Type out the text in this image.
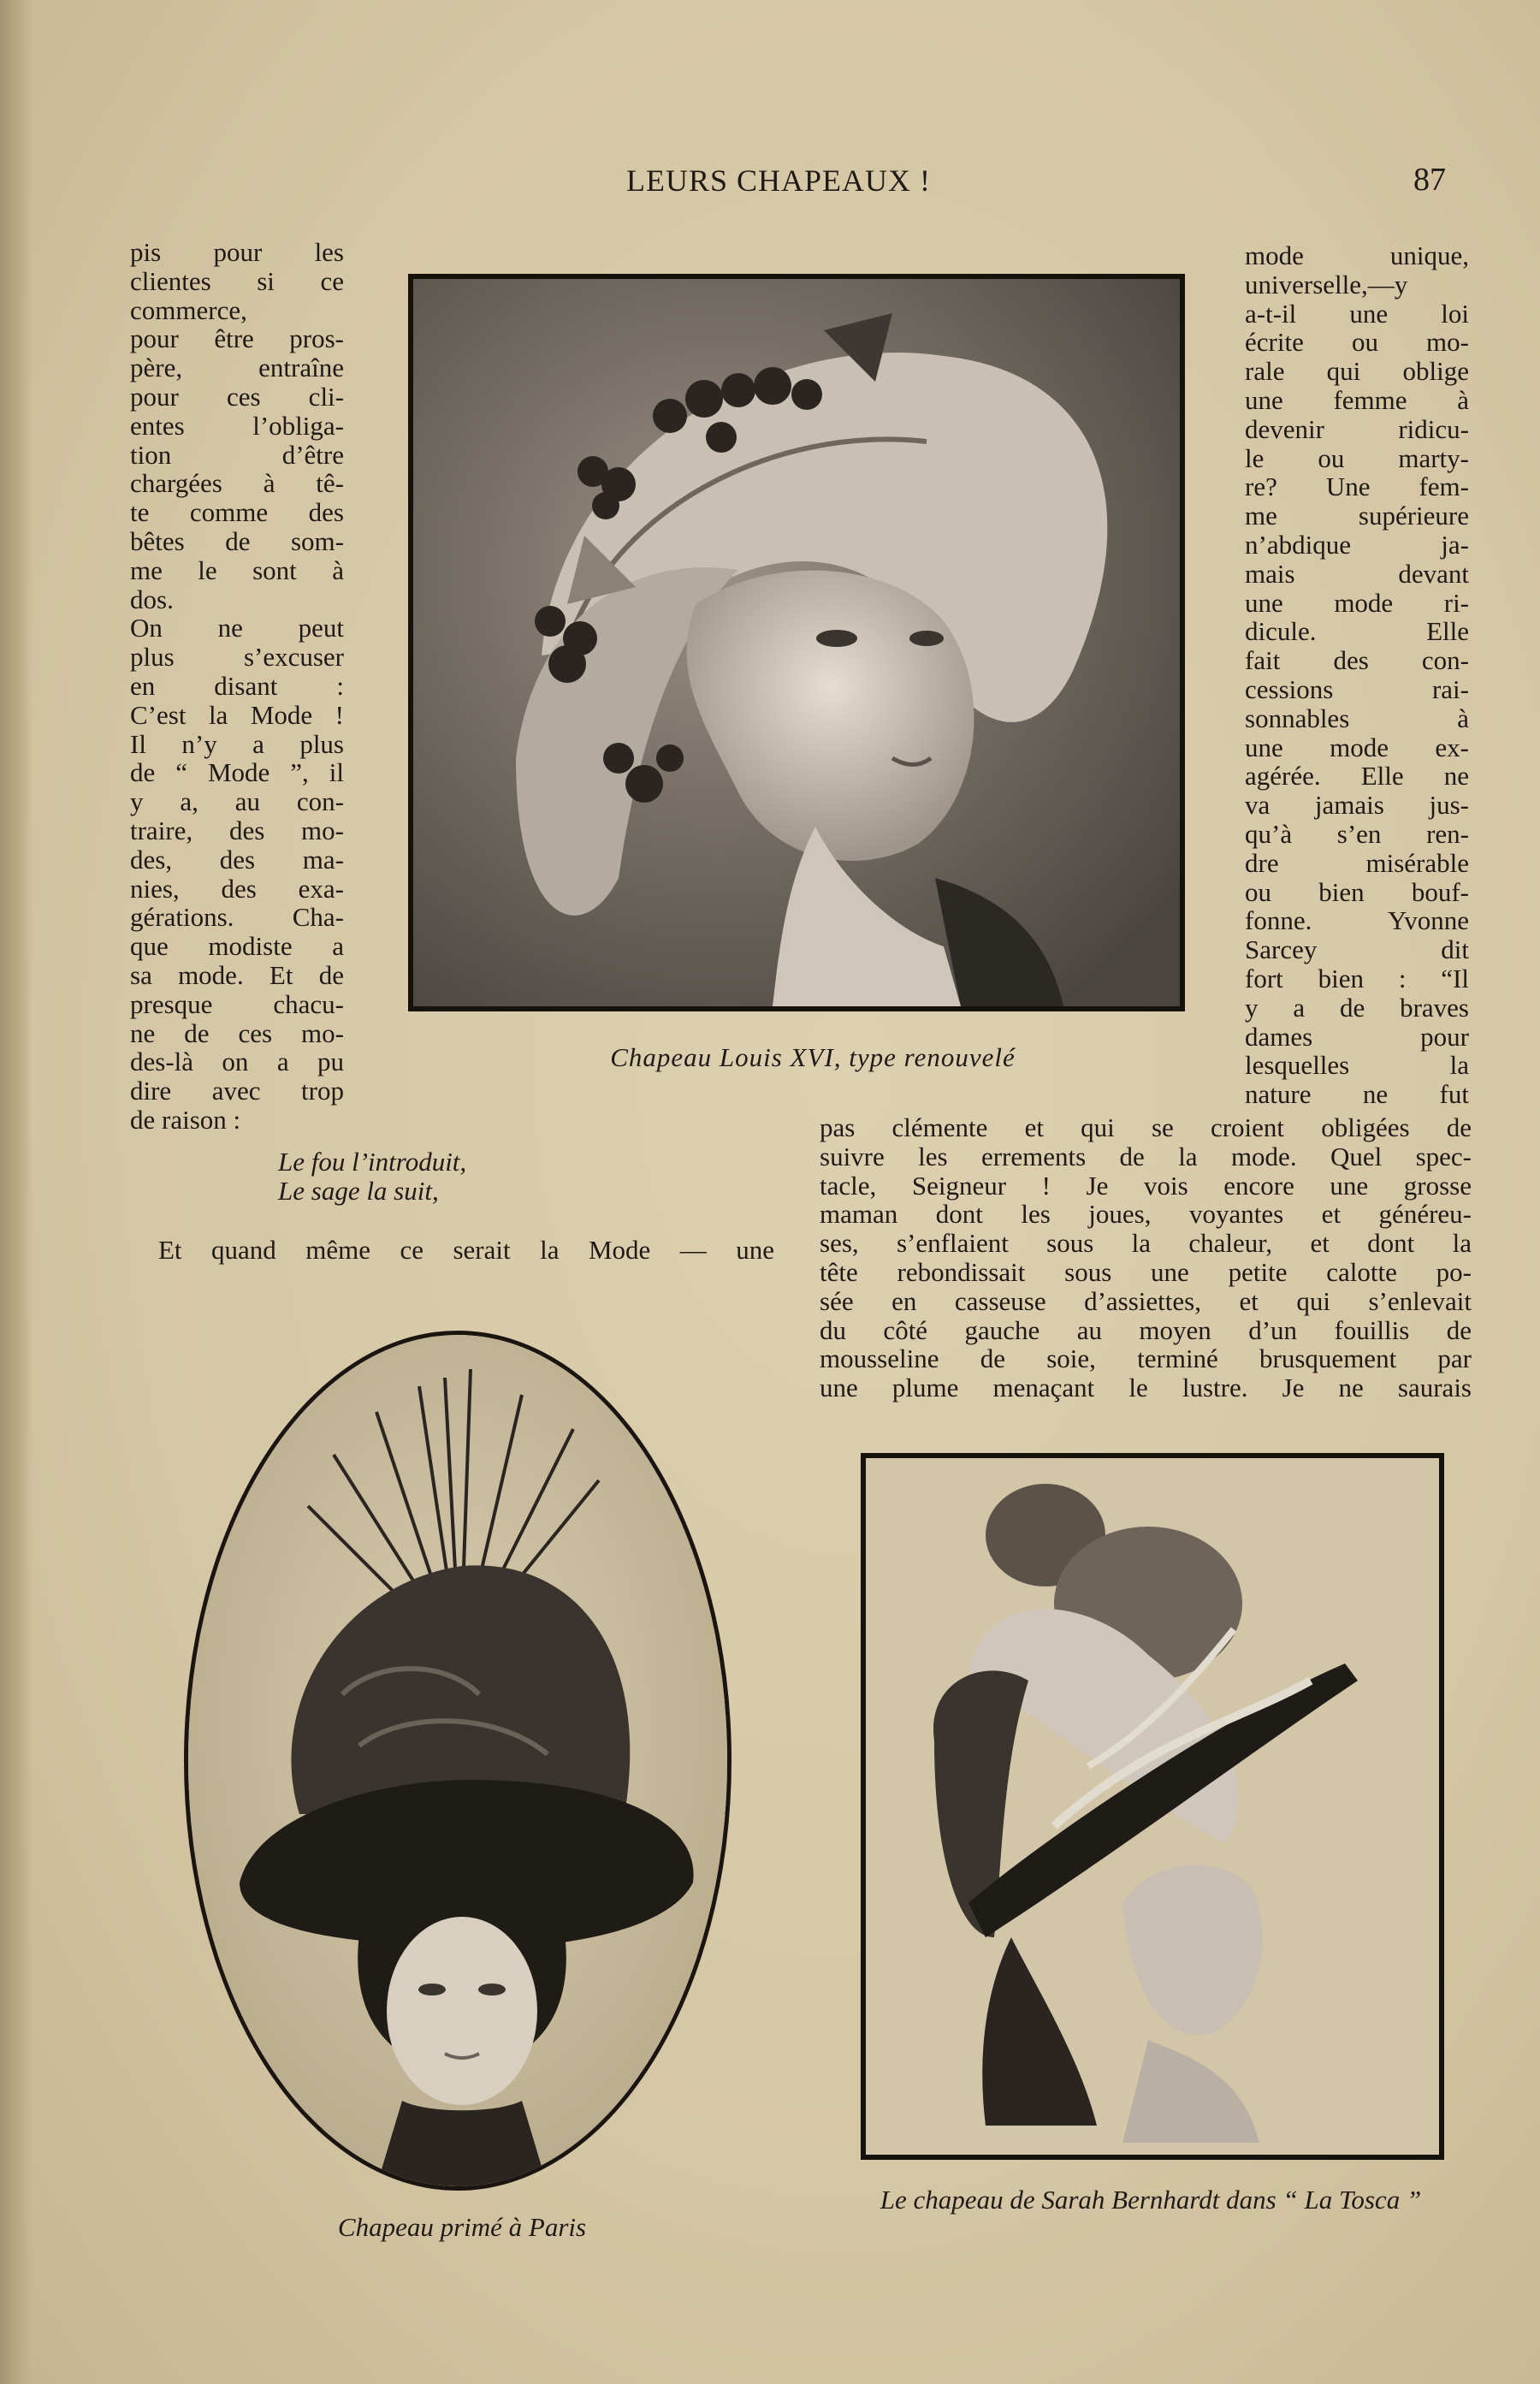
LEURS CHAPEAUX !	87
pis pour les
clientes si ce
commerce,
pour être pros-
père, entraîne
pour ces cli-
entes l’obliga-
tion d’être
chargées à tê-
te comme des
bêtes de som-
me le sont à
dos.
On ne peut
plus s’excuser
en disant :
C’est la Mode !
Il n’y a plus
de “ Mode ”, il
y a, au con-
traire, des mo-
des, des ma-
nies, des exa-
gérations. Cha-
que modiste a
sa mode. Et de
presque chacu-
ne de ces mo-
des-là on a pu
dire avec trop
de raison :
mode unique,
universelle,—y
a-t-il une loi
écrite ou mo-
rale qui oblige
une femme à
devenir ridicu-
le ou marty-
re? Une fem-
me supérieure
n’abdique ja-
mais devant
une mode ri-
dicule. Elle
fait des con-
cessions rai-
sonnables à
une mode ex-
agérée. Elle ne
va jamais jus-
qu’à s’en ren-
dre misérable
ou bien bouf-
fonne. Yvonne
Sarcey dit
fort bien : “Il
y a de braves
dames pour
lesquelles la
nature ne fut
Chapeau Louis XVI, type renouvelé
Le fou l’introduit,
Le sage la suit,
Et quand même ce serait la Mode — une
pas clémente et qui se croient obligées de
suivre les errements de la mode. Quel spec-
tacle, Seigneur ! Je vois encore une grosse
maman dont les joues, voyantes et généreu-
ses, s’enflaient sous la chaleur, et dont la
tête rebondissait sous une petite calotte po-
sée en casseuse d’assiettes, et qui s’enlevait
du côté gauche au moyen d’un fouillis de
mousseline de soie, terminé brusquement par
une plume menaçant le lustre. Je ne saurais
Chapeau primé à Paris
Le chapeau de Sarah Bernhardt dans “ La Tosca ”
